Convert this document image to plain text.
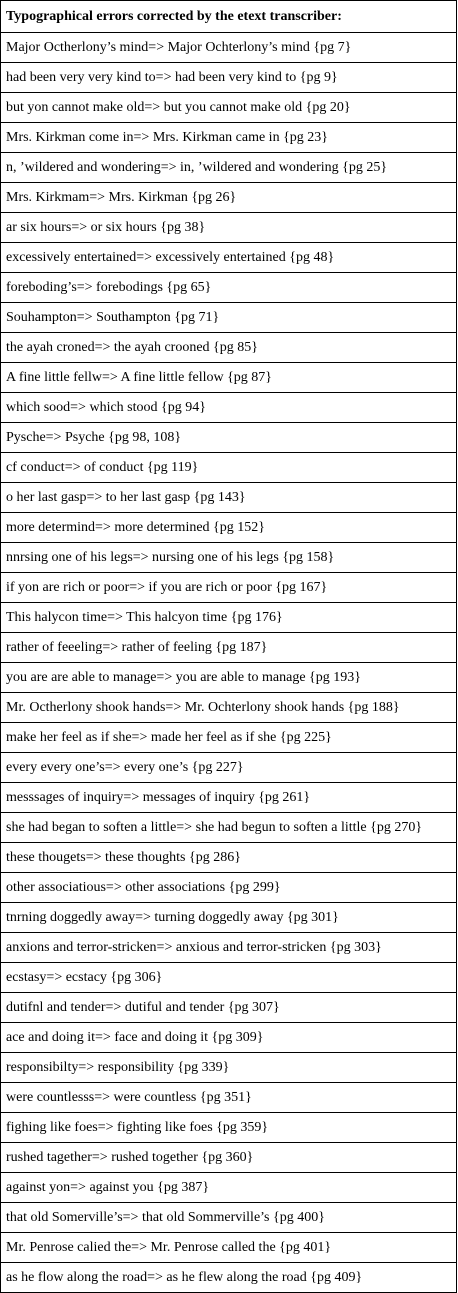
Typographical errors corrected by the etext transcriber:
Major Octherlony’s mind=> Major Ochterlony’s mind {pg 7}
had been very very kind to=> had been very kind to {pg 9}
but yon cannot make old=> but you cannot make old {pg 20}
Mrs. Kirkman come in=> Mrs. Kirkman came in {pg 23}
n, ’wildered and wondering=> in, ’wildered and wondering {pg 25}
Mrs. Kirkmam=> Mrs. Kirkman {pg 26}
ar six hours=> or six hours {pg 38}
excessively entertained=> excessively entertained {pg 48}
foreboding’s=> forebodings {pg 65}
Souhampton=> Southampton {pg 71}
the ayah croned=> the ayah crooned {pg 85}
A fine little fellw=> A fine little fellow {pg 87}
which sood=> which stood {pg 94}
Pysche=> Psyche {pg 98, 108}
cf conduct=> of conduct {pg 119}
o her last gasp=> to her last gasp {pg 143}
more determind=> more determined {pg 152}
nnrsing one of his legs=> nursing one of his legs {pg 158}
if yon are rich or poor=> if you are rich or poor {pg 167}
This halycon time=> This halcyon time {pg 176}
rather of feeeling=> rather of feeling {pg 187}
you are are able to manage=> you are able to manage {pg 193}
Mr. Octherlony shook hands=> Mr. Ochterlony shook hands {pg 188}
make her feel as if she=> made her feel as if she {pg 225}
every every one’s=> every one’s {pg 227}
messsages of inquiry=> messages of inquiry {pg 261}
she had began to soften a little=> she had begun to soften a little {pg 270}
these thougets=> these thoughts {pg 286}
other associatious=> other associations {pg 299}
tnrning doggedly away=> turning doggedly away {pg 301}
anxions and terror-stricken=> anxious and terror-stricken {pg 303}
ecstasy=> ecstacy {pg 306}
dutifnl and tender=> dutiful and tender {pg 307}
ace and doing it=> face and doing it {pg 309}
responsibilty=> responsibility {pg 339}
were countlesss=> were countless {pg 351}
fighing like foes=> fighting like foes {pg 359}
rushed tagether=> rushed together {pg 360}
against yon=> against you {pg 387}
that old Somerville’s=> that old Sommerville’s {pg 400}
Mr. Penrose calied the=> Mr. Penrose called the {pg 401}
as he flow along the road=> as he flew along the road {pg 409}
